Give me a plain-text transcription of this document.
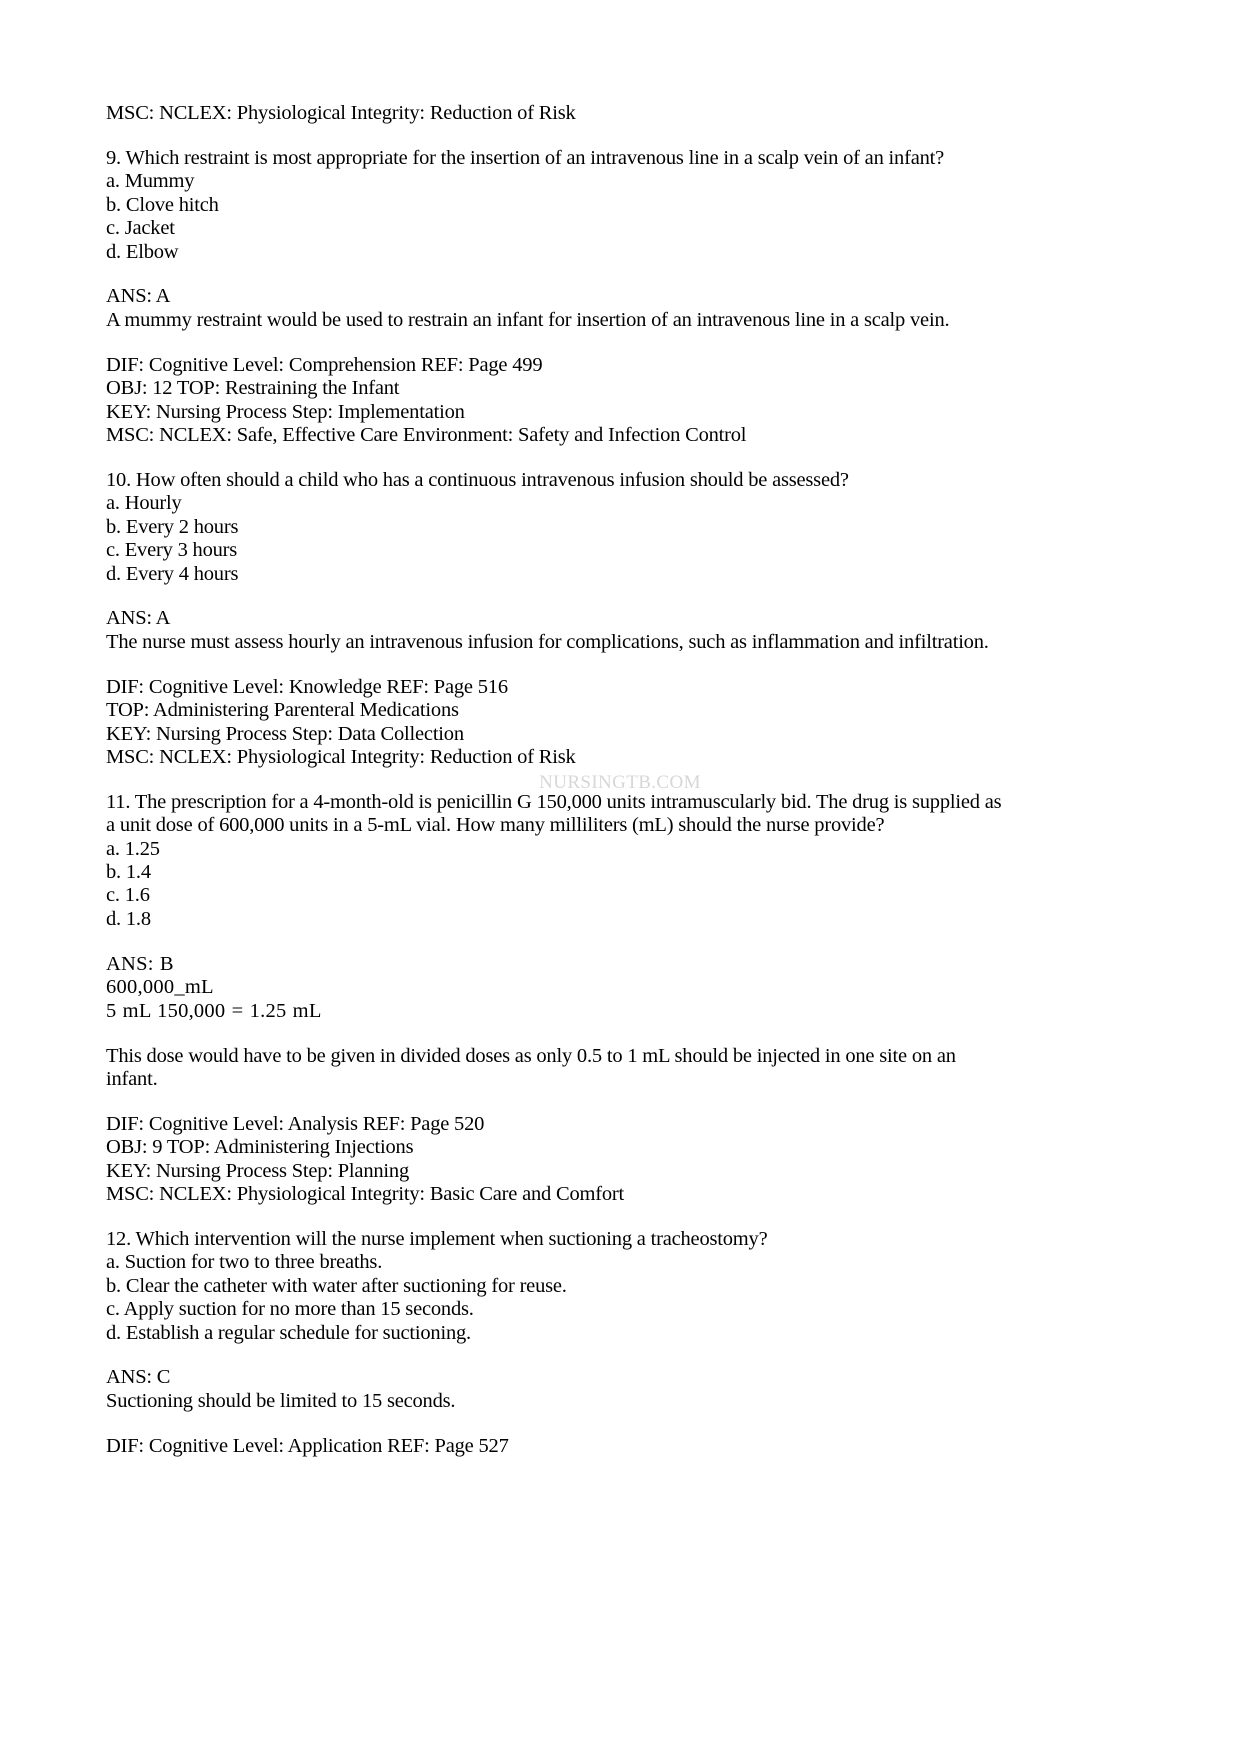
NURSINGTB.COM
MSC: NCLEX: Physiological Integrity: Reduction of Risk
9. Which restraint is most appropriate for the insertion of an intravenous line in a scalp vein of an infant?
a. Mummy
b. Clove hitch
c. Jacket
d. Elbow
ANS: A
A mummy restraint would be used to restrain an infant for insertion of an intravenous line in a scalp vein.
DIF: Cognitive Level: Comprehension REF: Page 499
OBJ: 12 TOP: Restraining the Infant
KEY: Nursing Process Step: Implementation
MSC: NCLEX: Safe, Effective Care Environment: Safety and Infection Control
10. How often should a child who has a continuous intravenous infusion should be assessed?
a. Hourly
b. Every 2 hours
c. Every 3 hours
d. Every 4 hours
ANS: A
The nurse must assess hourly an intravenous infusion for complications, such as inflammation and infiltration.
DIF: Cognitive Level: Knowledge REF: Page 516
TOP: Administering Parenteral Medications
KEY: Nursing Process Step: Data Collection
MSC: NCLEX: Physiological Integrity: Reduction of Risk
11. The prescription for a 4-month-old is penicillin G 150,000 units intramuscularly bid. The drug is supplied as a unit dose of 600,000 units in a 5-mL vial. How many milliliters (mL) should the nurse provide?
a. 1.25
b. 1.4
c. 1.6
d. 1.8
ANS: B
600,000_mL
5 mL 150,000 = 1.25 mL
This dose would have to be given in divided doses as only 0.5 to 1 mL should be injected in one site on an infant.
DIF: Cognitive Level: Analysis REF: Page 520
OBJ: 9 TOP: Administering Injections
KEY: Nursing Process Step: Planning
MSC: NCLEX: Physiological Integrity: Basic Care and Comfort
12. Which intervention will the nurse implement when suctioning a tracheostomy?
a. Suction for two to three breaths.
b. Clear the catheter with water after suctioning for reuse.
c. Apply suction for no more than 15 seconds.
d. Establish a regular schedule for suctioning.
ANS: C
Suctioning should be limited to 15 seconds.
DIF: Cognitive Level: Application REF: Page 527
